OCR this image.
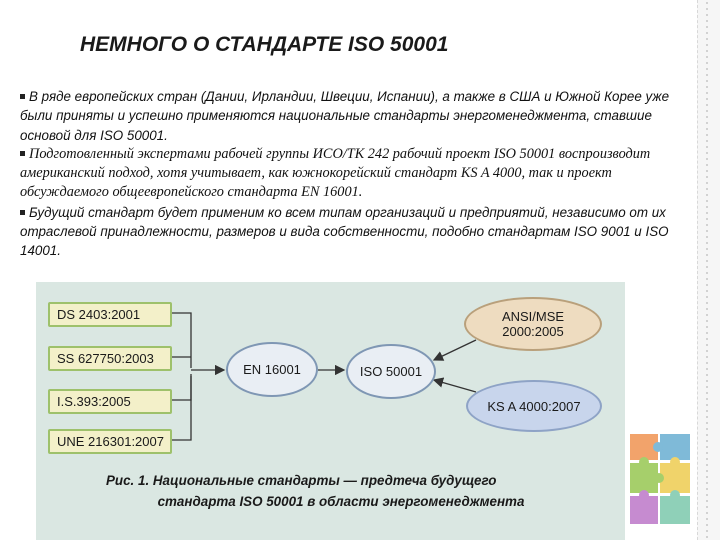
НЕМНОГО О СТАНДАРТЕ ISO 50001

В ряде европейских стран (Дании, Ирландии, Швеции, Испании), а также в США и Южной Корее уже были приняты и успешно применяются национальные стандарты энергоменеджмента, ставшие основой для ISO 50001.

Подготовленный экспертами рабочей группы ИСО/ТК 242 рабочий проект ISO 50001 воспроизводит американский подход, хотя учитывает, как южнокорейский стандарт KS A 4000, так и проект обсуждаемого общеевропейского стандарта EN 16001.

Будущий стандарт будет применим ко всем типам организаций и предприятий, независимо от их отраслевой принадлежности, размеров и вида собственности, подобно стандартам ISO 9001 и ISO 14001.

DS 2403:2001
SS 627750:2003
I.S.393:2005
UNE 216301:2007
EN 16001	ISO 50001
ANSI/MSE
2000:2005
KS A 4000:2007
Рис. 1. Национальные стандарты — предтеча будущего
стандарта ISO 50001 в области энергоменеджмента
